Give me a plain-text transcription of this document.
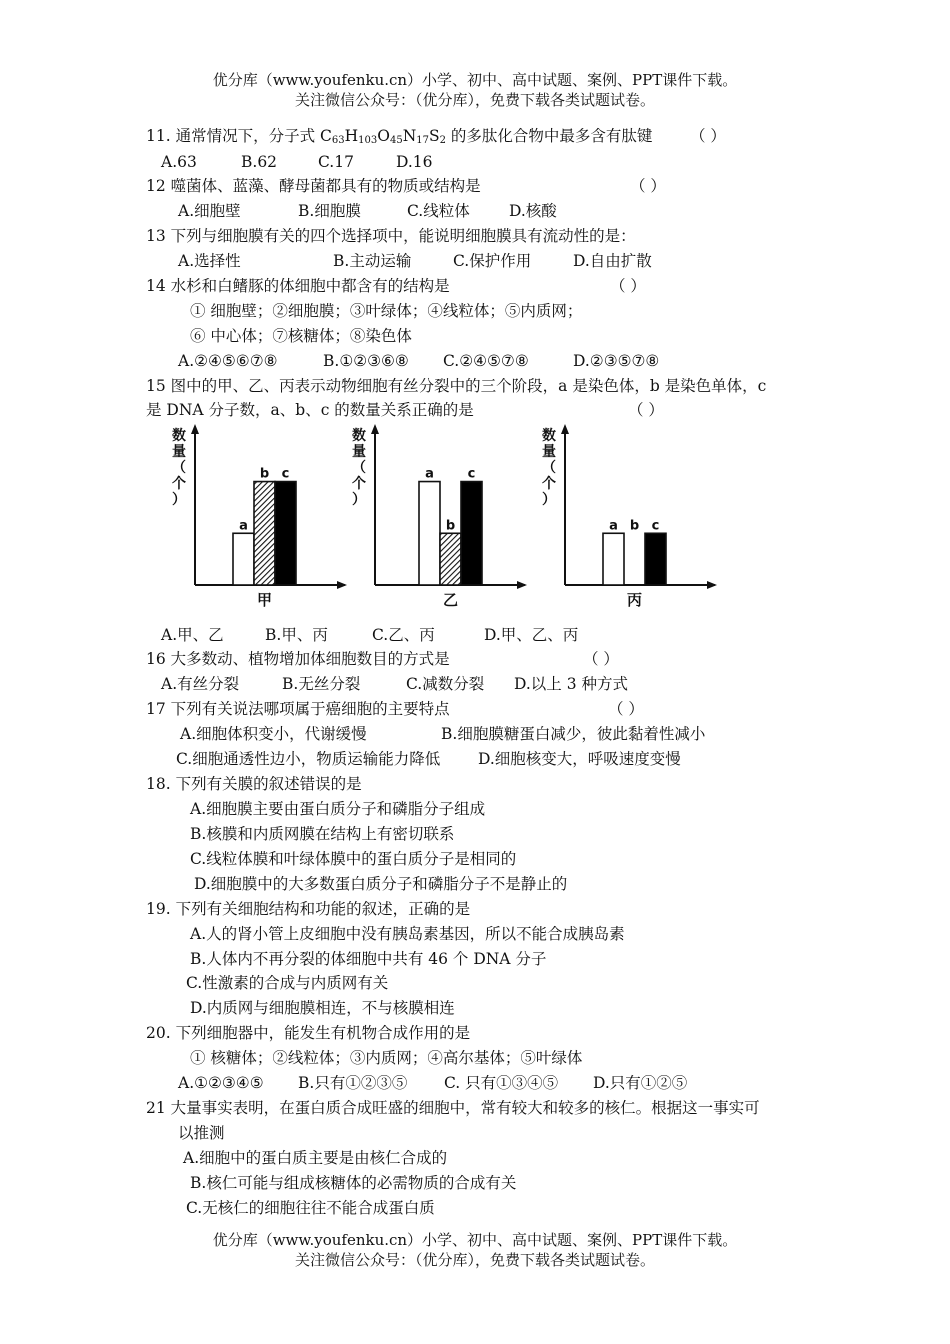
优分库（www.youfenku.cn）小学、初中、高中试题、案例、PPT课件下载。
关注微信公众号：（优分库），免费下载各类试题试卷。
11. 通常情况下，分子式 $C_{63}H_{103}O_{45}N_{17}S_2$ 的多肽化合物中最多含有肽键 （ ）
A.63	B.62	C.17	D.16
12 噬菌体、蓝藻、酵母菌都具有的物质或结构是	（ ）
A.细胞壁	B.细胞膜	C.线粒体	D.核酸
13 下列与细胞膜有关的四个选择项中，能说明细胞膜具有流动性的是：
A.选择性	B.主动运输	C.保护作用	D.自由扩散
14 水杉和白鳍豚的体细胞中都含有的结构是	（ ）
① 细胞壁；②细胞膜；③叶绿体；④线粒体；⑤内质网；
⑥ 中心体；⑦核糖体；⑧染色体
A.②④⑤⑥⑦⑧	B.①②③⑥⑧ C.②④⑤⑦⑧	D.②③⑤⑦⑧
15 图中的甲、乙、丙表示动物细胞有丝分裂中的三个阶段，a 是染色体，b 是染色单体，c
是 DNA 分子数，a、b、c 的数量关系正确的是	（ ）
数量（个）
a
b c
甲
数量（个）
a
b
c
乙
数量（个）
a b c
丙
A.甲、乙	B.甲、丙	C.乙、丙	D.甲、乙、丙
16 大多数动、植物增加体细胞数目的方式是	（ ）
A.有丝分裂	B.无丝分裂	C.减数分裂 D.以上 3 种方式
17 下列有关说法哪项属于癌细胞的主要特点	（ ）
A.细胞体积变小，代谢缓慢	B.细胞膜糖蛋白减少，彼此黏着性减小
C.细胞通透性边小，物质运输能力降低 D.细胞核变大，呼吸速度变慢
18. 下列有关膜的叙述错误的是
A.细胞膜主要由蛋白质分子和磷脂分子组成
B.核膜和内质网膜在结构上有密切联系
C.线粒体膜和叶绿体膜中的蛋白质分子是相同的
D.细胞膜中的大多数蛋白质分子和磷脂分子不是静止的
19. 下列有关细胞结构和功能的叙述，正确的是
A.人的肾小管上皮细胞中没有胰岛素基因，所以不能合成胰岛素
B.人体内不再分裂的体细胞中共有 46 个 DNA 分子
C.性激素的合成与内质网有关
D.内质网与细胞膜相连，不与核膜相连
20. 下列细胞器中，能发生有机物合成作用的是
① 核糖体；②线粒体；③内质网；④高尔基体；⑤叶绿体
A.①②③④⑤ B.只有①②③⑤ C. 只有①③④⑤ D.只有①②⑤
21 大量事实表明，在蛋白质合成旺盛的细胞中，常有较大和较多的核仁。根据这一事实可
以推测
A.细胞中的蛋白质主要是由核仁合成的
B.核仁可能与组成核糖体的必需物质的合成有关
C.无核仁的细胞往往不能合成蛋白质
优分库（www.youfenku.cn）小学、初中、高中试题、案例、PPT课件下载。
关注微信公众号：（优分库），免费下载各类试题试卷。
